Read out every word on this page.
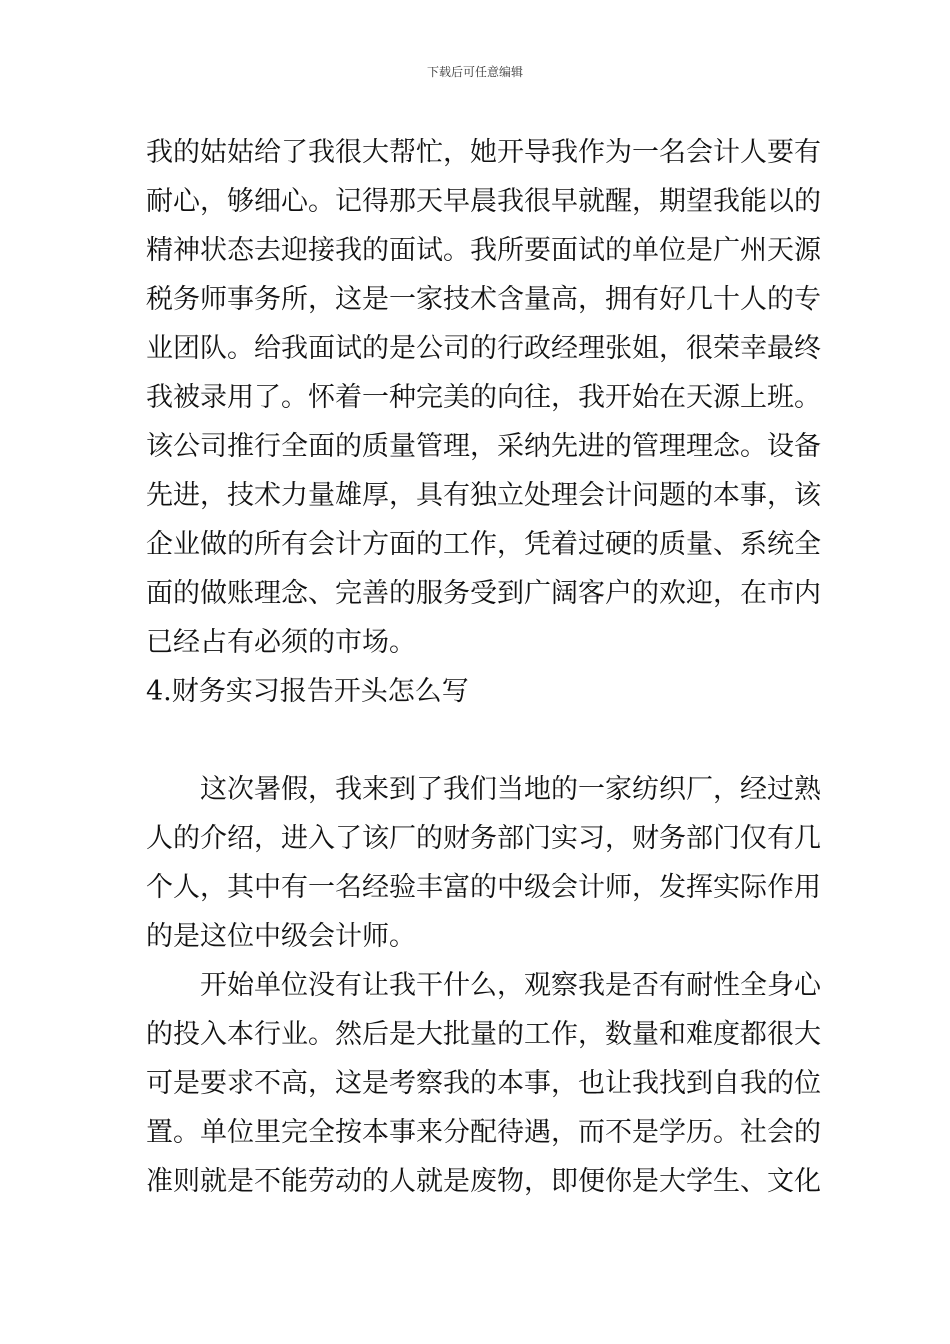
下载后可任意编辑
我的姑姑给了我很大帮忙，她开导我作为一名会计人要有
耐心，够细心。记得那天早晨我很早就醒，期望我能以的
精神状态去迎接我的面试。我所要面试的单位是广州天源
税务师事务所，这是一家技术含量高，拥有好几十人的专
业团队。给我面试的是公司的行政经理张姐，很荣幸最终
我被录用了。怀着一种完美的向往，我开始在天源上班。
该公司推行全面的质量管理，采纳先进的管理理念。设备
先进，技术力量雄厚，具有独立处理会计问题的本事，该
企业做的所有会计方面的工作，凭着过硬的质量、系统全
面的做账理念、完善的服务受到广阔客户的欢迎，在市内
已经占有必须的市场。
4.财务实习报告开头怎么写
这次暑假，我来到了我们当地的一家纺织厂，经过熟
人的介绍，进入了该厂的财务部门实习，财务部门仅有几
个人，其中有一名经验丰富的中级会计师，发挥实际作用
的是这位中级会计师。
开始单位没有让我干什么，观察我是否有耐性全身心
的投入本行业。然后是大批量的工作，数量和难度都很大
可是要求不高，这是考察我的本事，也让我找到自我的位
置。单位里完全按本事来分配待遇，而不是学历。社会的
准则就是不能劳动的人就是废物，即便你是大学生、文化
